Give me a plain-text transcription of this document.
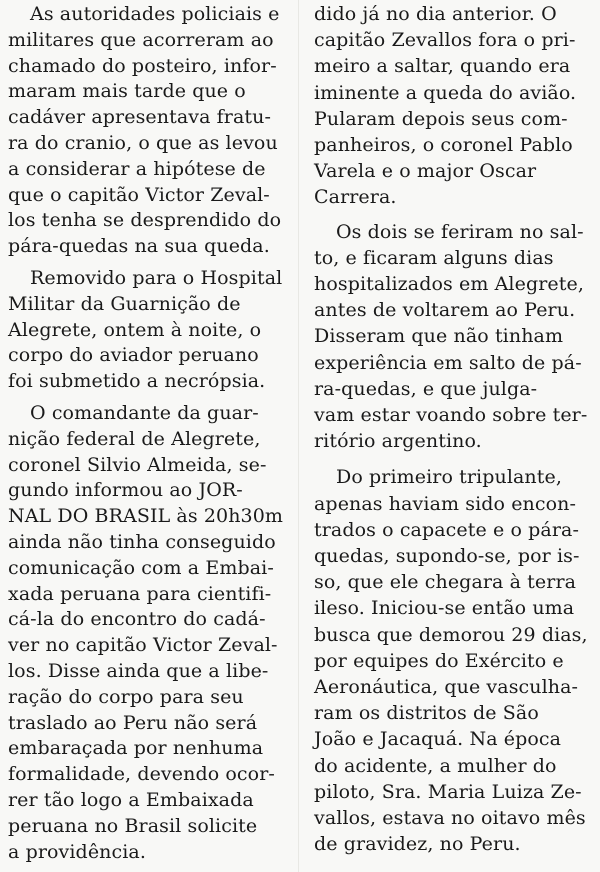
As autoridades policiais e
militares que acorreram ao
chamado do posteiro, infor-
maram mais tarde que o
cadáver apresentava fratu-
ra do cranio, o que as levou
a considerar a hipótese de
que o capitão Victor Zeval-
los tenha se desprendido do
pára-quedas na sua queda.
Removido para o Hospital
Militar da Guarnição de
Alegrete, ontem à noite, o
corpo do aviador peruano
foi submetido a necrópsia.
O comandante da guar-
nição federal de Alegrete,
coronel Silvio Almeida, se-
gundo informou ao JOR-
NAL DO BRASIL às 20h30m
ainda não tinha conseguido
comunicação com a Embai-
xada peruana para cientifi-
cá-la do encontro do cadá-
ver no capitão Victor Zeval-
los. Disse ainda que a libe-
ração do corpo para seu
traslado ao Peru não será
embaraçada por nenhuma
formalidade, devendo ocor-
rer tão logo a Embaixada
peruana no Brasil solicite
a providência.
dido já no dia anterior. O
capitão Zevallos fora o pri-
meiro a saltar, quando era
iminente a queda do avião.
Pularam depois seus com-
panheiros, o coronel Pablo
Varela e o major Oscar
Carrera.
Os dois se feriram no sal-
to, e ficaram alguns dias
hospitalizados em Alegrete,
antes de voltarem ao Peru.
Disseram que não tinham
experiência em salto de pá-
ra-quedas, e que julga-
vam estar voando sobre ter-
ritório argentino.
Do primeiro tripulante,
apenas haviam sido encon-
trados o capacete e o pára-
quedas, supondo-se, por is-
so, que ele chegara à terra
ileso. Iniciou-se então uma
busca que demorou 29 dias,
por equipes do Exército e
Aeronáutica, que vasculha-
ram os distritos de São
João e Jacaquá. Na época
do acidente, a mulher do
piloto, Sra. Maria Luiza Ze-
vallos, estava no oitavo mês
de gravidez, no Peru.
